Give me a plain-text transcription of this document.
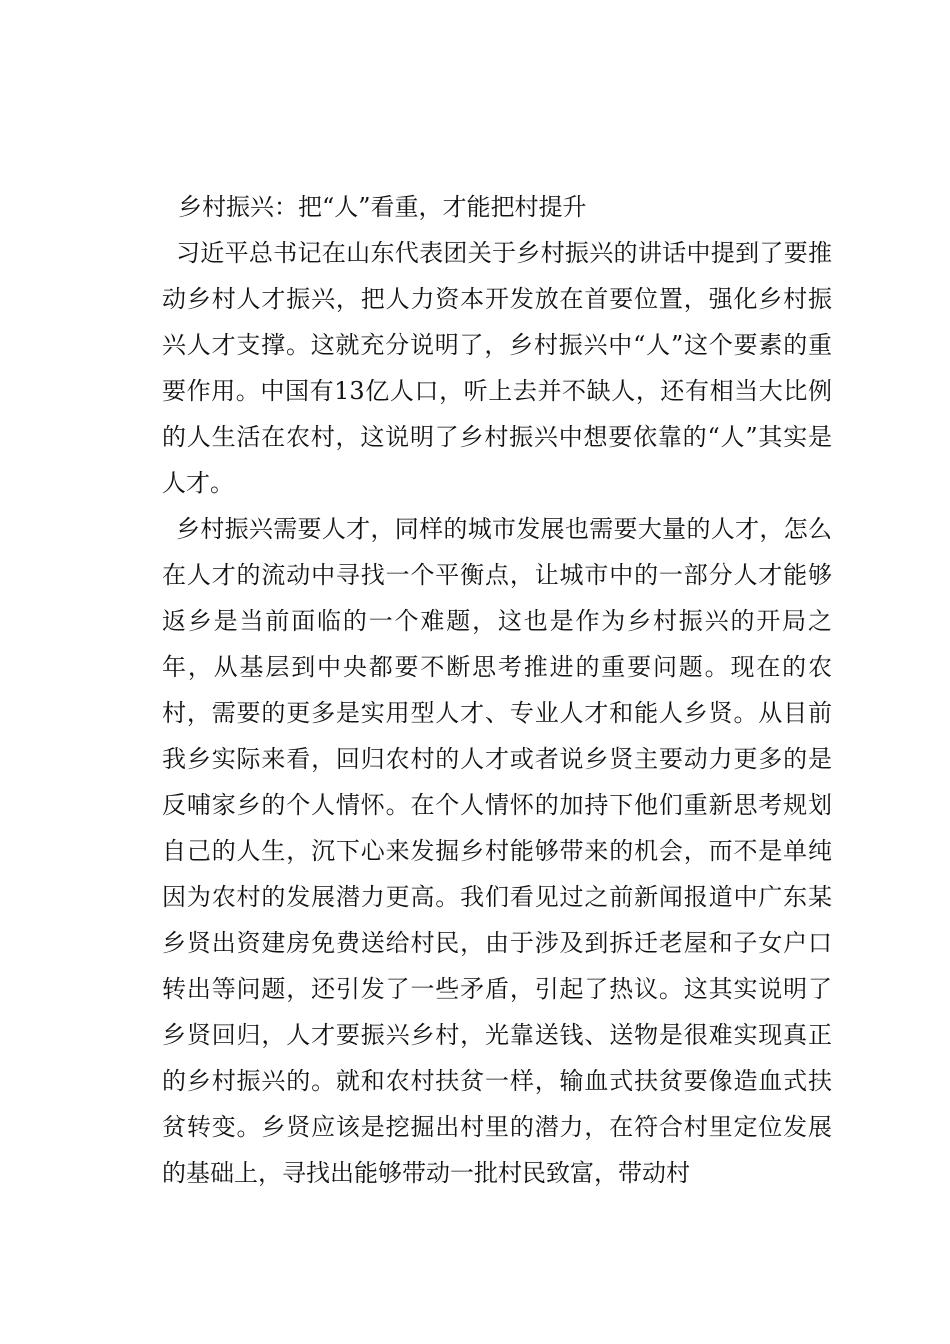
乡村振兴：把“人”看重，才能把村提升

习近平总书记在山东代表团关于乡村振兴的讲话中提到了要推动乡村人才振兴，把人力资本开发放在首要位置，强化乡村振兴人才支撑。这就充分说明了，乡村振兴中“人”这个要素的重要作用。中国有13亿人口，听上去并不缺人，还有相当大比例的人生活在农村，这说明了乡村振兴中想要依靠的“人”其实是人才。

乡村振兴需要人才，同样的城市发展也需要大量的人才，怎么在人才的流动中寻找一个平衡点，让城市中的一部分人才能够返乡是当前面临的一个难题，这也是作为乡村振兴的开局之年，从基层到中央都要不断思考推进的重要问题。现在的农村，需要的更多是实用型人才、专业人才和能人乡贤。从目前我乡实际来看，回归农村的人才或者说乡贤主要动力更多的是反哺家乡的个人情怀。在个人情怀的加持下他们重新思考规划自己的人生，沉下心来发掘乡村能够带来的机会，而不是单纯因为农村的发展潜力更高。我们看见过之前新闻报道中广东某乡贤出资建房免费送给村民，由于涉及到拆迁老屋和子女户口转出等问题，还引发了一些矛盾，引起了热议。这其实说明了乡贤回归，人才要振兴乡村，光靠送钱、送物是很难实现真正的乡村振兴的。就和农村扶贫一样，输血式扶贫要像造血式扶贫转变。乡贤应该是挖掘出村里的潜力，在符合村里定位发展的基础上，寻找出能够带动一批村民致富，带动村
